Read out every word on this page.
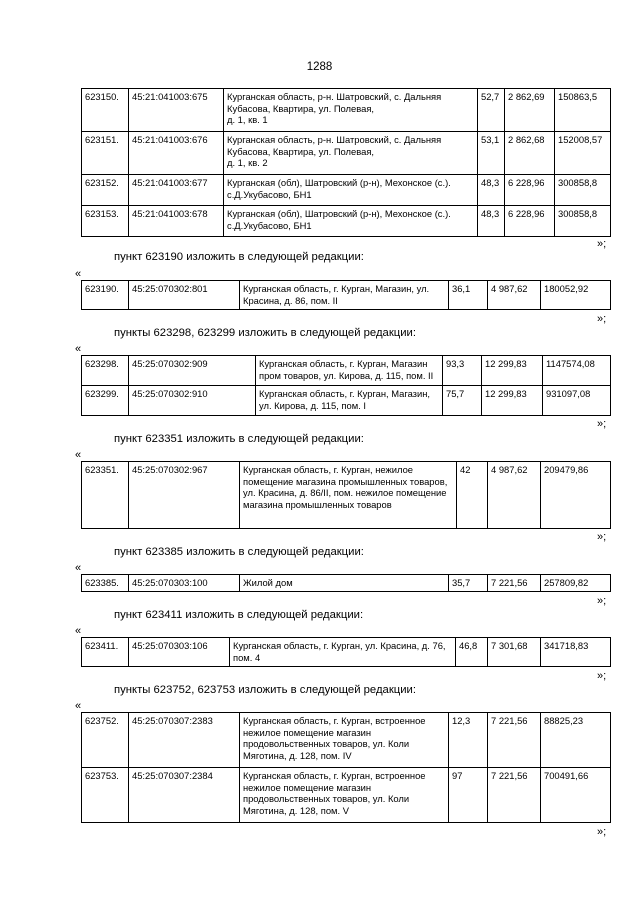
1288
623150.	45:21:041003:675	Курганская область, р-н. Шатровский, с. Дальняя Кубасова, Квартира, ул. Полевая,
д. 1, кв. 1	52,7	2 862,69	150863,5
623151.	45:21:041003:676	Курганская область, р-н. Шатровский, с. Дальняя Кубасова, Квартира, ул. Полевая,
д. 1, кв. 2	53,1	2 862,68	152008,57
623152.	45:21:041003:677	Курганская (обл), Шатровский (р-н), Мехонское (с.). с.Д.Укубасово, БН1	48,3	6 228,96	300858,8
623153.	45:21:041003:678	Курганская (обл), Шатровский (р-н), Мехонское (с.). с.Д.Укубасово, БН1	48,3	6 228,96	300858,8
»;
пункт 623190 изложить в следующей редакции:
«
623190.	45:25:070302:801	Курганская область, г. Курган, Магазин, ул. Красина, д. 86, пом. II	36,1	4 987,62	180052,92
»;
пункты 623298, 623299 изложить в следующей редакции:
«
623298.	45:25:070302:909	Курганская область, г. Курган, Магазин пром товаров, ул. Кирова, д. 115, пом. II	93,3	12 299,83	1147574,08
623299.	45:25:070302:910	Курганская область, г. Курган, Магазин, ул. Кирова, д. 115, пом. I	75,7	12 299,83	931097,08
»;
пункт 623351 изложить в следующей редакции:
«
623351.	45:25:070302:967	Курганская область, г. Курган, нежилое помещение магазина промышленных товаров, ул. Красина, д. 86/II, пом. нежилое помещение магазина промышленных товаров	42	4 987,62	209479,86
»;
пункт 623385 изложить в следующей редакции:
«
623385.	45:25:070303:100	Жилой дом	35,7	7 221,56	257809,82
»;
пункт 623411 изложить в следующей редакции:
«
623411.	45:25:070303:106	Курганская область, г. Курган, ул. Красина, д. 76, пом. 4	46,8	7 301,68	341718,83
»;
пункты 623752, 623753 изложить в следующей редакции:
«
623752.	45:25:070307:2383	Курганская область, г. Курган, встроенное нежилое помещение магазин продовольственных товаров, ул. Коли Мяготина, д. 128, пом. IV	12,3	7 221,56	88825,23
623753.	45:25:070307:2384	Курганская область, г. Курган, встроенное нежилое помещение магазин продовольственных товаров, ул. Коли Мяготина, д. 128, пом. V	97	7 221,56	700491,66
»;
